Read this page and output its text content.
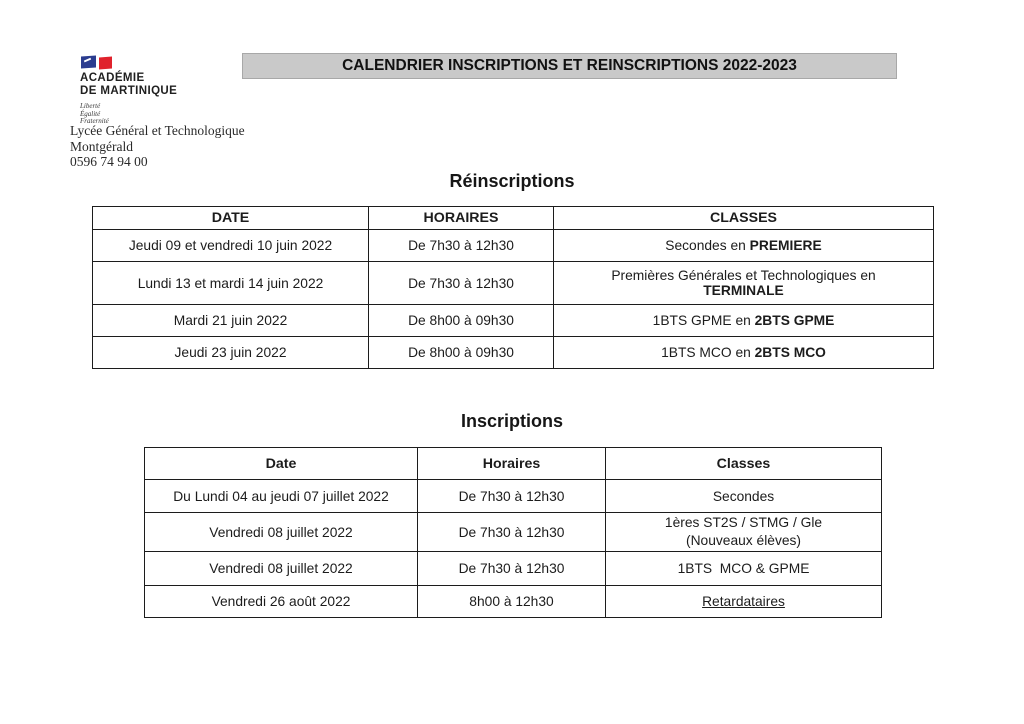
ACADÉMIE
DE MARTINIQUE
Liberté
Égalité
Fraternité
Lycée Général et Technologique
Montgérald
0596 74 94 00
CALENDRIER INSCRIPTIONS ET REINSCRIPTIONS 2022-2023
Réinscriptions
DATE	HORAIRES	CLASSES
Jeudi 09 et vendredi 10 juin 2022	De 7h30 à 12h30	Secondes en PREMIERE
Lundi 13 et mardi 14 juin 2022	De 7h30 à 12h30	Premières Générales et Technologiques en
TERMINALE

Mardi 21 juin 2022	De 8h00 à 09h30	1BTS GPME en 2BTS GPME
Jeudi 23 juin 2022	De 8h00 à 09h30	1BTS MCO en 2BTS MCO
Inscriptions
Date	Horaires	Classes
Du Lundi 04 au jeudi 07 juillet 2022	De 7h30 à 12h30	Secondes
Vendredi 08 juillet 2022	De 7h30 à 12h30	1ères ST2S / STMG / Gle
(Nouveaux élèves)

Vendredi 08 juillet 2022	De 7h30 à 12h30	1BTS  MCO & GPME
Vendredi 26 août 2022	8h00 à 12h30	Retardataires
